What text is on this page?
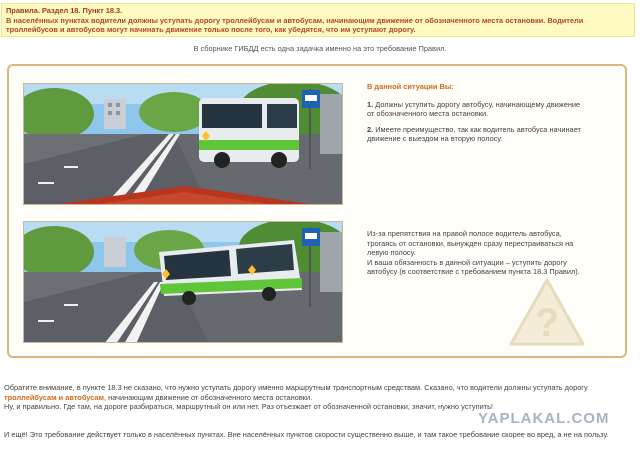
Правила. Раздел 18. Пункт 18.3.
В населённых пунктах водители должны уступать дорогу троллейбусам и автобусам, начинающим движение от обозначенного места остановки. Водители троллейбусов и автобусов могут начинать движение только после того, как убедятся, что им уступают дорогу.
В сборнике ГИБДД есть одна задачка именно на это требование Правил.
В данной ситуации Вы:

1. Должны уступить дорогу автобусу, начинающему движение от обозначенного места остановки.

2. Имеете преимущество, так как водитель автобуса начинает движение с выездом на вторую полосу.

Из-за препятствия на правой полосе водитель автобуса, трогаясь от остановки, вынужден сразу перестраиваться на левую полосу.

И ваша обязанность в данной ситуации – уступить дорогу автобусу (в соответствие с требованием пункта 18.3 Правил).

?
Обратите внимание, в пункте 18.3 не сказано, что нужно уступать дорогу именно маршрутным транспортным средствам. Сказано, что водители должны уступать дорогу троллейбусам и автобусам, начинающим движение от обозначенного места остановки.
Ну, и правильно. Где там, на дороге разбираться, маршрутный он или нет. Раз отъезжает от обозначенной остановки, значит, нужно уступить!
И ещё! Это требование действует только в населённых пунктах. Вне населённых пунктов скорости существенно выше, и там такое требование скорее во вред, а не на пользу.
YAPLAKAL.COM
